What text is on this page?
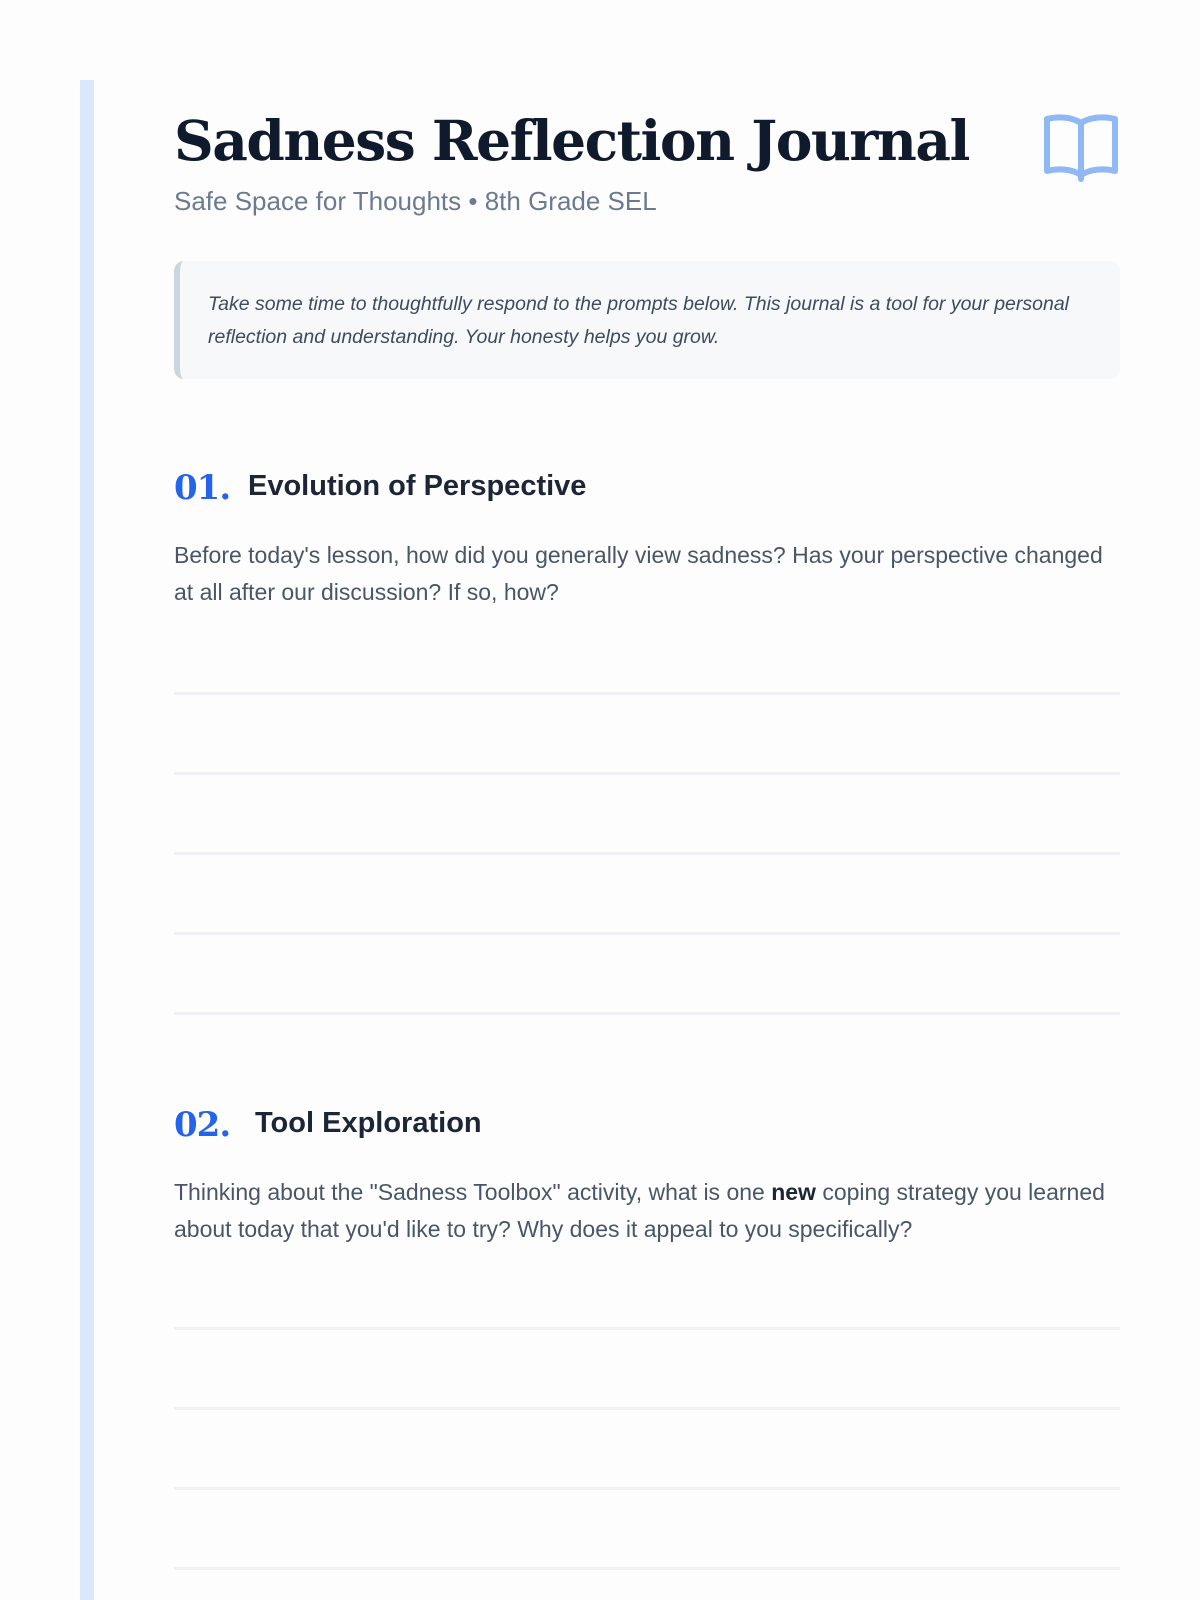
Sadness Reflection Journal
Safe Space for Thoughts • 8th Grade SEL
Take some time to thoughtfully respond to the prompts below. This journal is a tool for your personal reflection and understanding. Your honesty helps you grow.
01. Evolution of Perspective
Before today's lesson, how did you generally view sadness? Has your perspective changed at all after our discussion? If so, how?
02. Tool Exploration
Thinking about the "Sadness Toolbox" activity, what is one new coping strategy you learned about today that you'd like to try? Why does it appeal to you specifically?
